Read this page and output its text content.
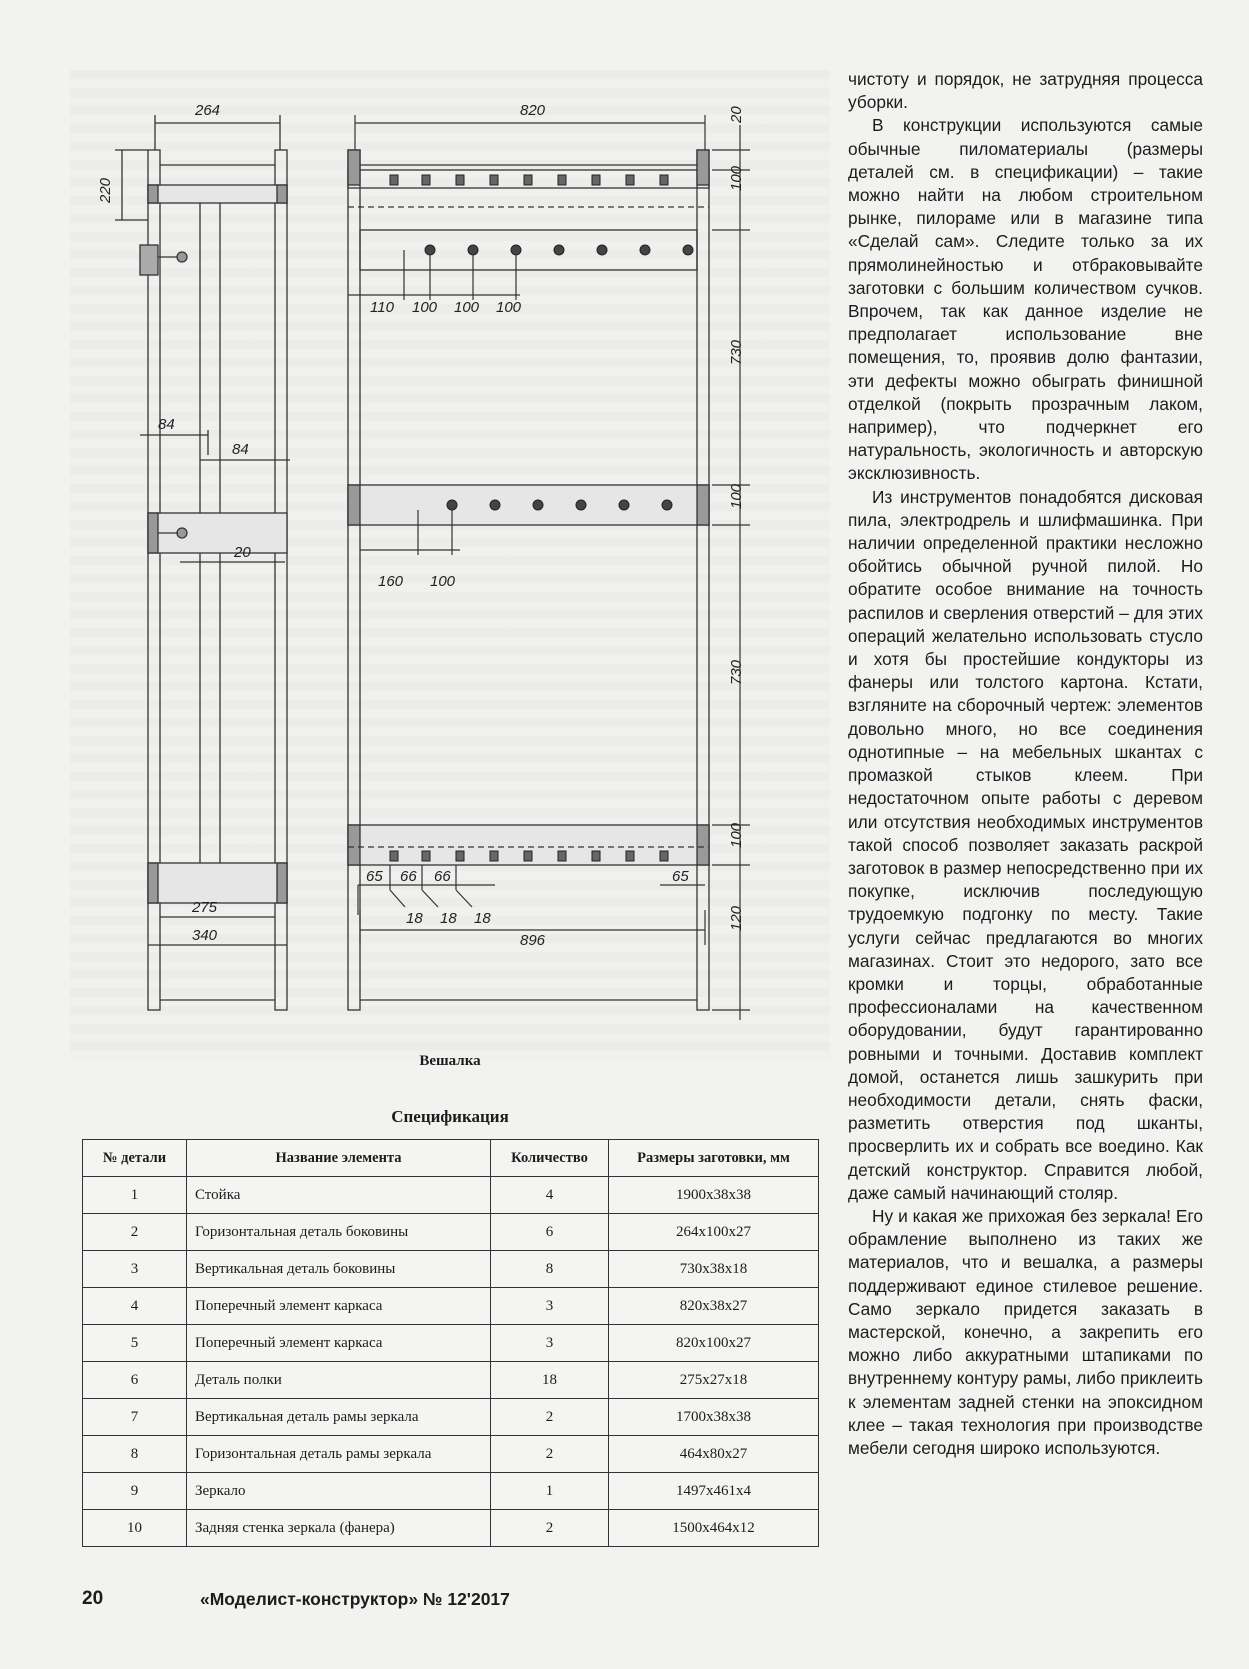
264
220
84
84
20
275
340
820	20
100
730
100
730
100
120
110 100 100 100
160 100
65 66 66
18 18 18
896
65
Вешалка
Спецификация
№ детали	Название элемента	Количество	Размеры заготовки, мм
1	Стойка	4	1900x38x38
2	Горизонтальная деталь боковины	6	264x100x27
3	Вертикальная деталь боковины	8	730x38x18
4	Поперечный элемент каркаса	3	820x38x27
5	Поперечный элемент каркаса	3	820x100x27
6	Деталь полки	18	275x27x18
7	Вертикальная деталь рамы зеркала	2	1700x38x38
8	Горизонтальная деталь рамы зеркала	2	464x80x27
9	Зеркало	1	1497x461x4
10	Задняя стенка зеркала (фанера)	2	1500x464x12

чистоту и порядок, не затрудняя процесса уборки.

В конструкции используются самые обычные пиломатериалы (размеры деталей см. в спецификации) – такие можно найти на любом строительном рынке, пилораме или в магазине типа «Сделай сам». Следите только за их прямолинейностью и отбраковывайте заготовки с большим количеством сучков. Впрочем, так как данное изделие не предполагает использование вне помещения, то, проявив долю фантазии, эти дефекты можно обыграть финишной отделкой (покрыть прозрачным лаком, например), что подчеркнет его натуральность, экологичность и авторскую эксклюзивность.

Из инструментов понадобятся дисковая пила, электродрель и шлифмашинка. При наличии определенной практики несложно обойтись обычной ручной пилой. Но обратите особое внимание на точность распилов и сверления отверстий – для этих операций желательно использовать стусло и хотя бы простейшие кондукторы из фанеры или толстого картона. Кстати, взгляните на сборочный чертеж: элементов довольно много, но все соединения однотипные – на мебельных шкантах с промазкой стыков клеем. При недостаточном опыте работы с деревом или отсутствия необходимых инструментов такой способ позволяет заказать раскрой заготовок в размер непосредственно при их покупке, исключив последующую трудоемкую подгонку по месту. Такие услуги сейчас предлагаются во многих магазинах. Стоит это недорого, зато все кромки и торцы, обработанные профессионалами на качественном оборудовании, будут гарантированно ровными и точными. Доставив комплект домой, останется лишь зашкурить при необходимости детали, снять фаски, разметить отверстия под шканты, просверлить их и собрать все воедино. Как детский конструктор. Справится любой, даже самый начинающий столяр.

Ну и какая же прихожая без зеркала! Его обрамление выполнено из таких же материалов, что и вешалка, а размеры поддерживают единое стилевое решение. Само зеркало придется заказать в мастерской, конечно, а закрепить его можно либо аккуратными штапиками по внутреннему контуру рамы, либо приклеить к элементам задней стенки на эпоксидном клее – такая технология при производстве мебели сегодня широко используются.

20	«Моделист-конструктор» № 12'2017
